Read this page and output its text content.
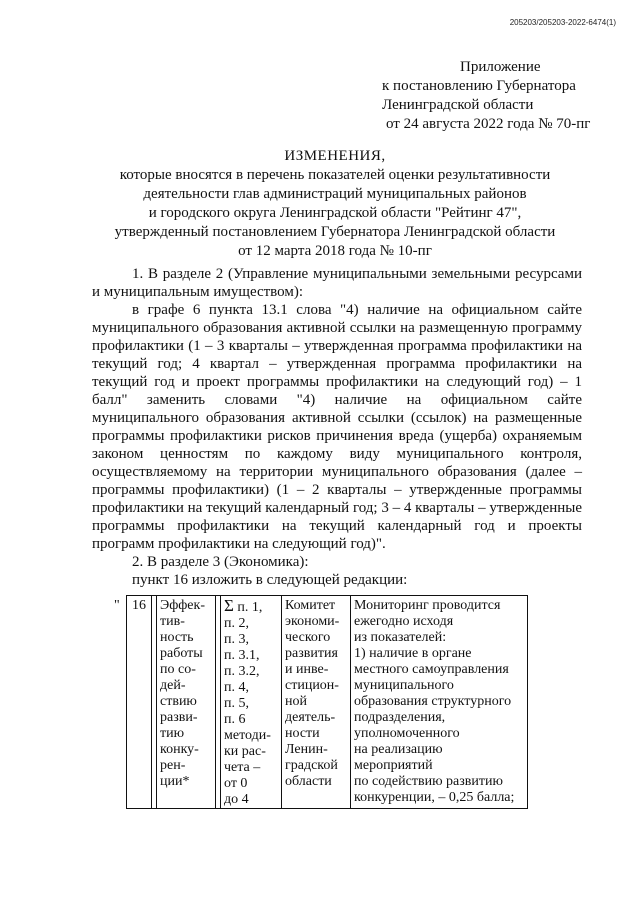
205203/205203-2022-6474(1)
Приложение
к постановлению Губернатора
Ленинградской области
от 24 августа 2022 года № 70-пг
ИЗМЕНЕНИЯ,
которые вносятся в перечень показателей оценки результативности
деятельности глав администраций муниципальных районов
и городского округа Ленинградской области "Рейтинг 47",
утвержденный постановлением Губернатора Ленинградской области
от 12 марта 2018 года № 10-пг

1. В разделе 2 (Управление муниципальными земельными ресурсами и муниципальным имуществом):

в графе 6 пункта 13.1 слова "4) наличие на официальном сайте муниципального образования активной ссылки на размещенную программу профилактики (1 – 3 кварталы – утвержденная программа профилактики на текущий год; 4 квартал – утвержденная программа профилактики на текущий год и проект программы профилактики на следующий год) – 1 балл" заменить словами "4) наличие на официальном сайте муниципального образования активной ссылки (ссылок) на размещенные программы профилактики рисков причинения вреда (ущерба) охраняемым законом ценностям по каждому виду муниципального контроля, осуществляемому на территории муниципального образования (далее – программы профилактики) (1 – 2 кварталы – утвержденные программы профилактики на текущий календарный год; 3 – 4 кварталы – утвержденные программы профилактики на текущий календарный год и проекты программ профилактики на следующий год)".

2. В разделе 3 (Экономика):

пункт 16 изложить в следующей редакции:

" 16		Эффек-
тив-
ность
работы
по со-
дей-
ствию
разви-
тию
конку-
рен-
ции*		Σ п. 1,
п. 2,
п. 3,
п. 3.1,
п. 3.2,
п. 4,
п. 5,
п. 6
методи-
ки рас-
чета –
от 0
до 4	Комитет
экономи-
ческого
развития
и инве-
стицион-
ной
деятель-
ности
Ленин-
градской
области	Мониторинг проводится
ежегодно исходя
из показателей:
1) наличие в органе
местного самоуправления
муниципального
образования структурного
подразделения,
уполномоченного
на реализацию
мероприятий
по содействию развитию
конкуренции, – 0,25 балла;
